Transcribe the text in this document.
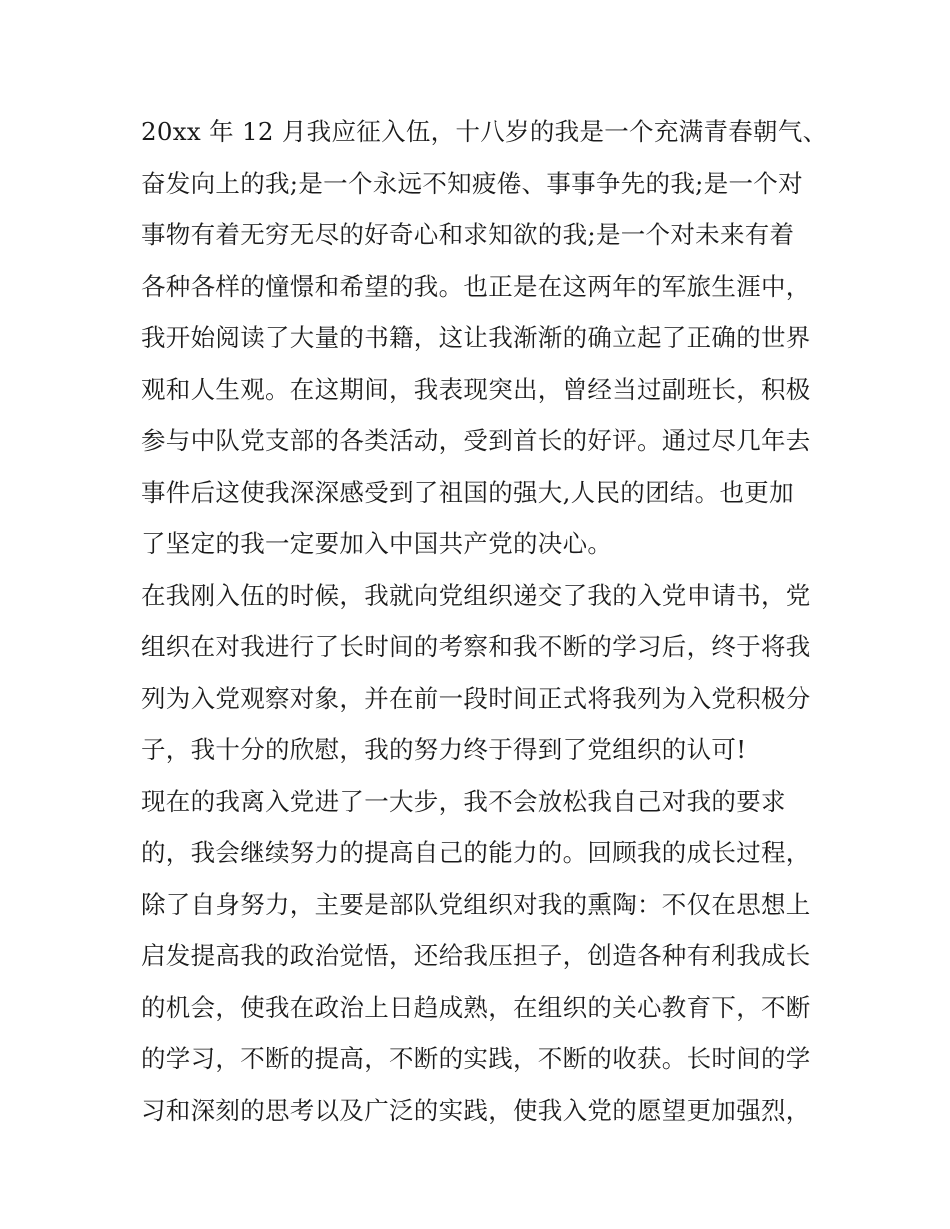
20xx 年 12 月我应征入伍，十八岁的我是一个充满青春朝气、
奋发向上的我;是一个永远不知疲倦、事事争先的我;是一个对
事物有着无穷无尽的好奇心和求知欲的我;是一个对未来有着
各种各样的憧憬和希望的我。也正是在这两年的军旅生涯中，
我开始阅读了大量的书籍，这让我渐渐的确立起了正确的世界
观和人生观。在这期间，我表现突出，曾经当过副班长，积极
参与中队党支部的各类活动，受到首长的好评。通过尽几年去
事件后这使我深深感受到了祖国的强大,人民的团结。也更加
了坚定的我一定要加入中国共产党的决心。
在我刚入伍的时候，我就向党组织递交了我的入党申请书，党
组织在对我进行了长时间的考察和我不断的学习后，终于将我
列为入党观察对象，并在前一段时间正式将我列为入党积极分
子，我十分的欣慰，我的努力终于得到了党组织的认可!
现在的我离入党进了一大步，我不会放松我自己对我的要求
的，我会继续努力的提高自己的能力的。回顾我的成长过程，
除了自身努力，主要是部队党组织对我的熏陶：不仅在思想上
启发提高我的政治觉悟，还给我压担子，创造各种有利我成长
的机会，使我在政治上日趋成熟，在组织的关心教育下，不断
的学习，不断的提高，不断的实践，不断的收获。长时间的学
习和深刻的思考以及广泛的实践，使我入党的愿望更加强烈，
